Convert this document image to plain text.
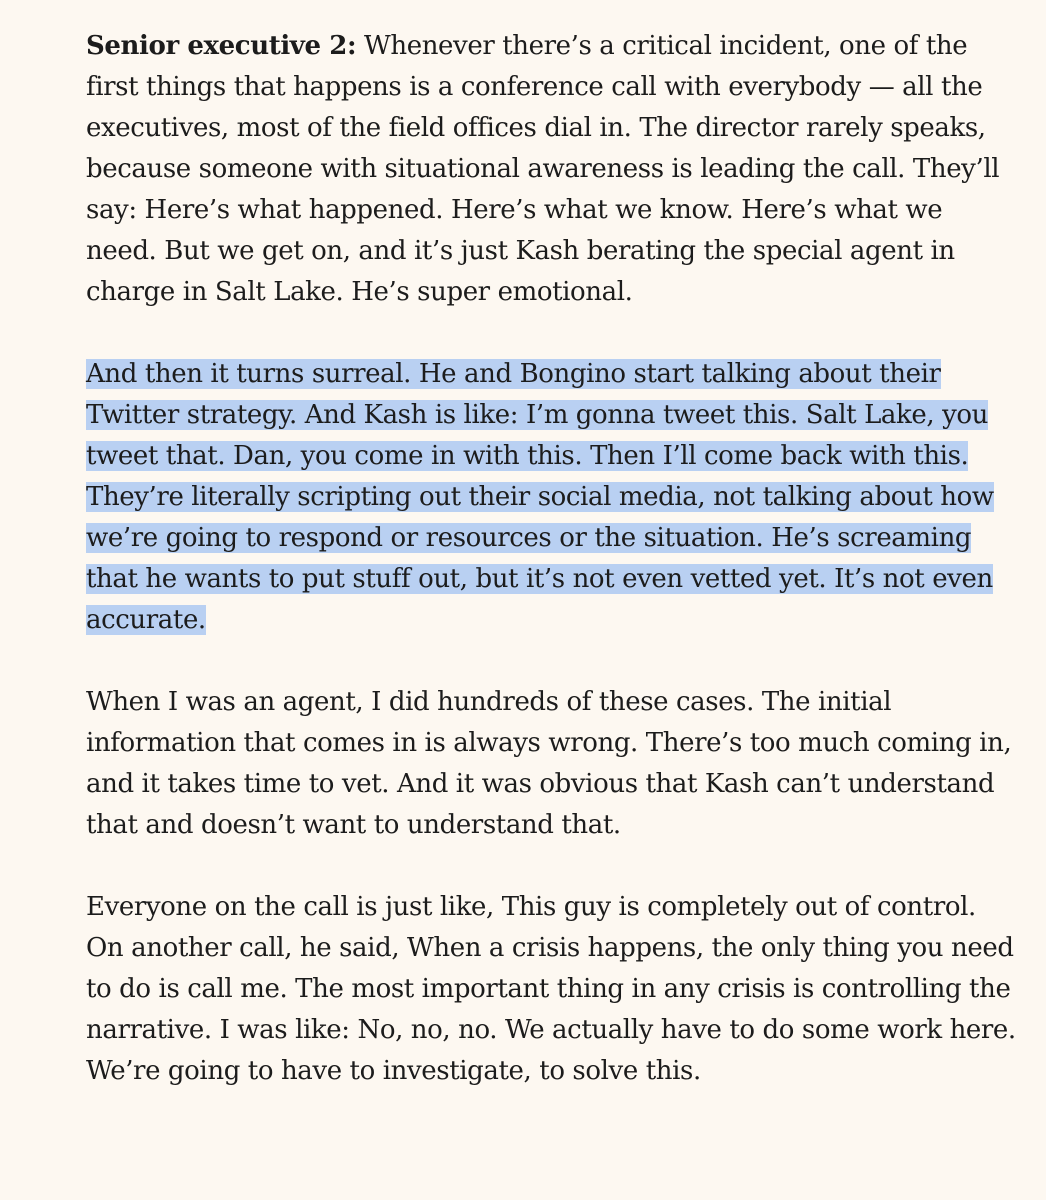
Senior executive 2: Whenever there’s a critical incident, one of the first things that happens is a conference call with everybody — all the executives, most of the field offices dial in. The director rarely speaks, because someone with situational awareness is leading the call. They’ll say: Here’s what happened. Here’s what we know. Here’s what we need. But we get on, and it’s just Kash berating the special agent in charge in Salt Lake. He’s super emotional.

And then it turns surreal. He and Bongino start talking about their Twitter strategy. And Kash is like: I’m gonna tweet this. Salt Lake, you tweet that. Dan, you come in with this. Then I’ll come back with this. They’re literally scripting out their social media, not talking about how we’re going to respond or resources or the situation. He’s screaming that he wants to put stuff out, but it’s not even vetted yet. It’s not even accurate.

When I was an agent, I did hundreds of these cases. The initial information that comes in is always wrong. There’s too much coming in, and it takes time to vet. And it was obvious that Kash can’t understand that and doesn’t want to understand that.

Everyone on the call is just like, This guy is completely out of control. On another call, he said, When a crisis happens, the only thing you need to do is call me. The most important thing in any crisis is controlling the narrative. I was like: No, no, no. We actually have to do some work here. We’re going to have to investigate, to solve this.
